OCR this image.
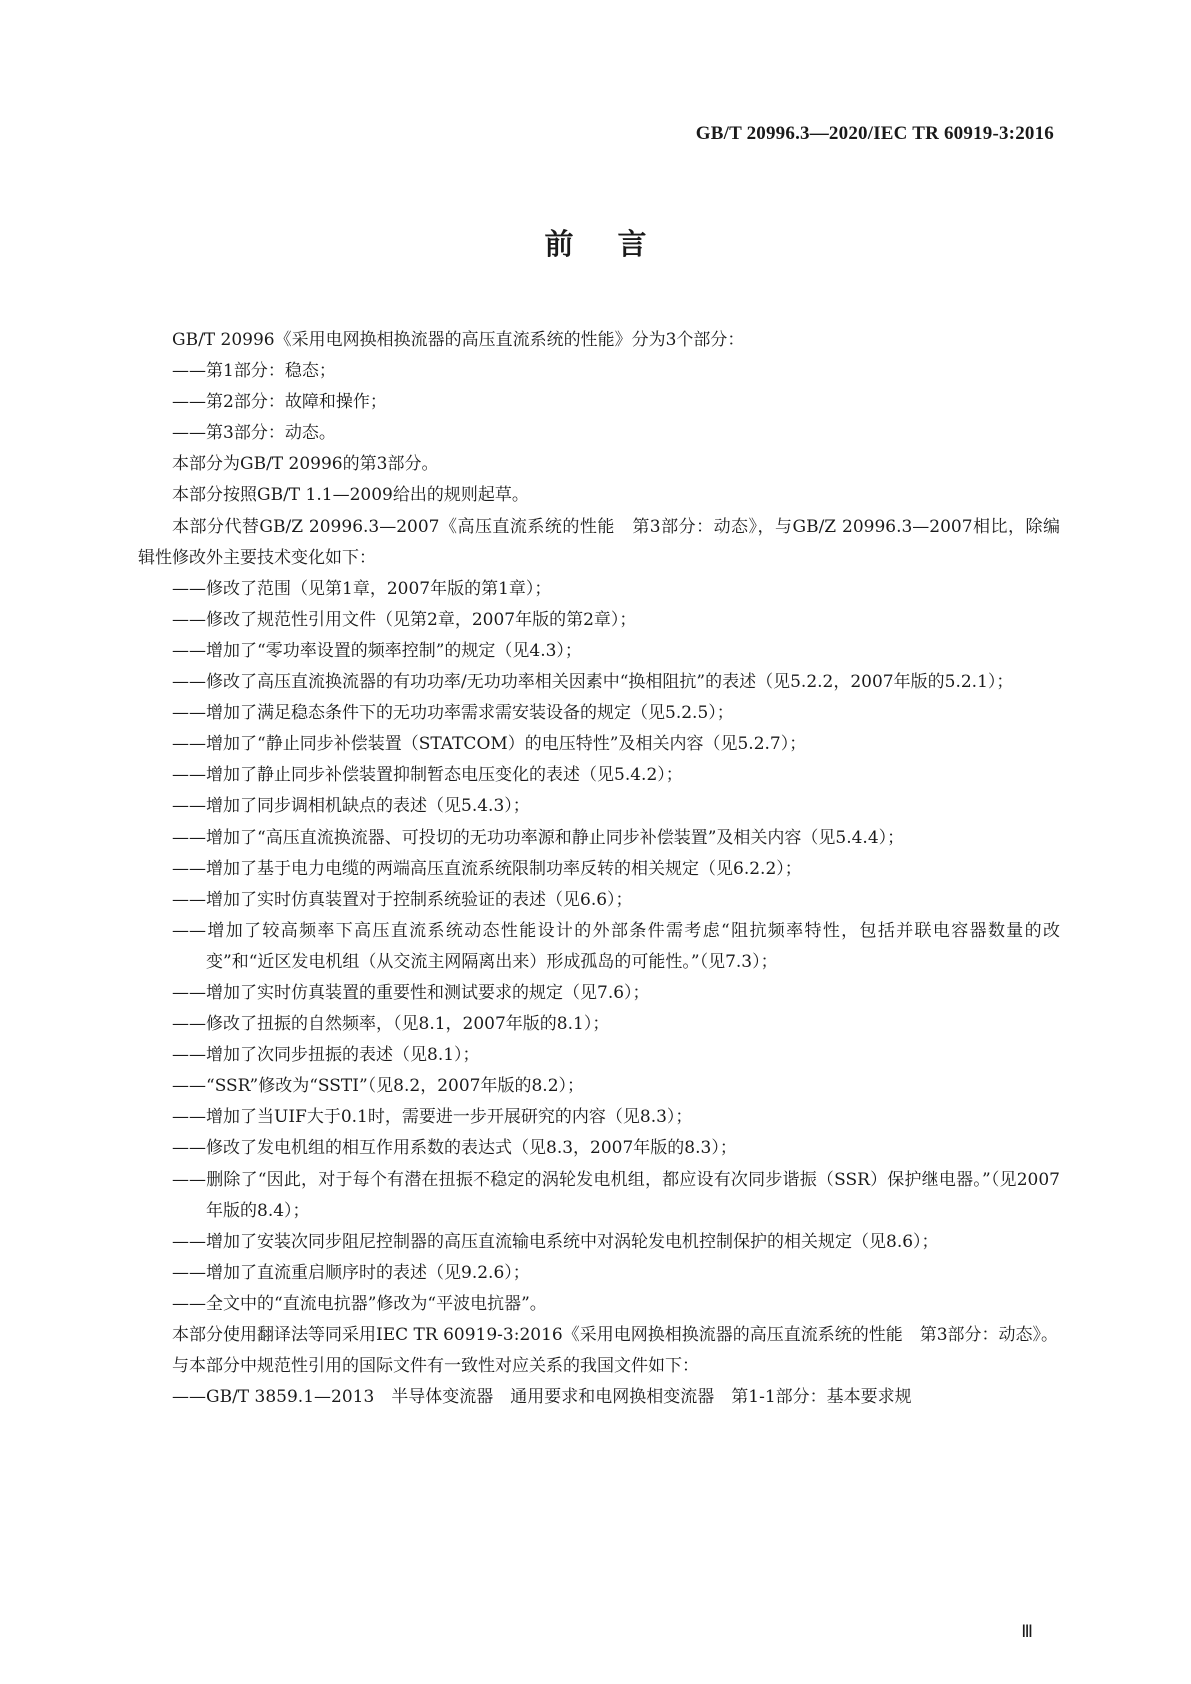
GB/T 20996.3—2020/IEC TR 60919-3:2016
前言

GB/T 20996《采用电网换相换流器的高压直流系统的性能》分为3个部分：

——第1部分：稳态；

——第2部分：故障和操作；

——第3部分：动态。

本部分为GB/T 20996的第3部分。

本部分按照GB/T 1.1—2009给出的规则起草。

本部分代替GB/Z 20996.3—2007《高压直流系统的性能　第3部分：动态》，与GB/Z 20996.3—2007相比，除编辑性修改外主要技术变化如下：

——修改了范围（见第1章，2007年版的第1章）；

——修改了规范性引用文件（见第2章，2007年版的第2章）；

——增加了“零功率设置的频率控制”的规定（见4.3）；

——修改了高压直流换流器的有功功率/无功功率相关因素中“换相阻抗”的表述（见5.2.2，2007年版的5.2.1）；

——增加了满足稳态条件下的无功功率需求需安装设备的规定（见5.2.5）；

——增加了“静止同步补偿装置（STATCOM）的电压特性”及相关内容（见5.2.7）；

——增加了静止同步补偿装置抑制暂态电压变化的表述（见5.4.2）；

——增加了同步调相机缺点的表述（见5.4.3）；

——增加了“高压直流换流器、可投切的无功功率源和静止同步补偿装置”及相关内容（见5.4.4）；

——增加了基于电力电缆的两端高压直流系统限制功率反转的相关规定（见6.2.2）；

——增加了实时仿真装置对于控制系统验证的表述（见6.6）；

——增加了较高频率下高压直流系统动态性能设计的外部条件需考虑“阻抗频率特性，包括并联电容器数量的改变”和“近区发电机组（从交流主网隔离出来）形成孤岛的可能性。”（见7.3）；

——增加了实时仿真装置的重要性和测试要求的规定（见7.6）；

——修改了扭振的自然频率，（见8.1，2007年版的8.1）；

——增加了次同步扭振的表述（见8.1）；

——“SSR”修改为“SSTI”（见8.2，2007年版的8.2）；

——增加了当UIF大于0.1时，需要进一步开展研究的内容（见8.3）；

——修改了发电机组的相互作用系数的表达式（见8.3，2007年版的8.3）；

——删除了“因此，对于每个有潜在扭振不稳定的涡轮发电机组，都应设有次同步谐振（SSR）保护继电器。”（见2007年版的8.4）；

——增加了安装次同步阻尼控制器的高压直流输电系统中对涡轮发电机控制保护的相关规定（见8.6）；

——增加了直流重启顺序时的表述（见9.2.6）；

——全文中的“直流电抗器”修改为“平波电抗器”。

本部分使用翻译法等同采用IEC TR 60919-3:2016《采用电网换相换流器的高压直流系统的性能　第3部分：动态》。

与本部分中规范性引用的国际文件有一致性对应关系的我国文件如下：

——GB/T 3859.1—2013　半导体变流器　通用要求和电网换相变流器　第1-1部分：基本要求规

Ⅲ
